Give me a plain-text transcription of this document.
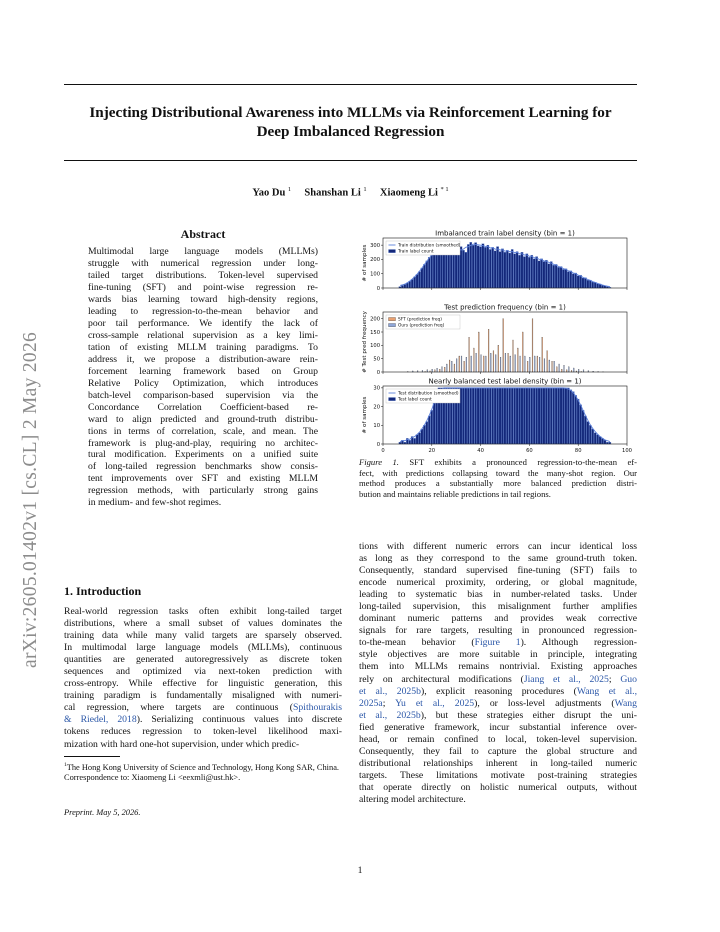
Injecting Distributional Awareness into MLLMs via Reinforcement Learning for
Deep Imbalanced Regression
Yao Du $^1$ Shanshan Li $^1$ Xiaomeng Li $^{* 1}$
arXiv:2605.01402v1 [cs.CL] 2 May 2026
Abstract
Multimodal large language models (MLLMs)
struggle with numerical regression under long-
tailed target distributions. Token-level supervised
fine-tuning (SFT) and point-wise regression re-
wards bias learning toward high-density regions,
leading to regression-to-the-mean behavior and
poor tail performance. We identify the lack of
cross-sample relational supervision as a key limi-
tation of existing MLLM training paradigms. To
address it, we propose a distribution-aware rein-
forcement learning framework based on Group
Relative Policy Optimization, which introduces
batch-level comparison-based supervision via the
Concordance Correlation Coefficient-based re-
ward to align predicted and ground-truth distribu-
tions in terms of correlation, scale, and mean. The
framework is plug-and-play, requiring no architec-
tural modification. Experiments on a unified suite
of long-tailed regression benchmarks show consis-
tent improvements over SFT and existing MLLM
regression methods, with particularly strong gains
in medium- and few-shot regimes.
1. Introduction
Real-world regression tasks often exhibit long-tailed target
distributions, where a small subset of values dominates the
training data while many valid targets are sparsely observed.
In multimodal large language models (MLLMs), continuous
quantities are generated autoregressively as discrete token
sequences and optimized via next-token prediction with
cross-entropy. While effective for linguistic generation, this
training paradigm is fundamentally misaligned with numeri-
cal regression, where targets are continuous (Spithourakis
& Riedel, 2018). Serializing continuous values into discrete
tokens reduces regression to token-level likelihood maxi-
mization with hard one-hot supervision, under which predic-
$^1$The Hong Kong University of Science and Technology, Hong Kong SAR, China. Correspondence to: Xiaomeng Li <eexmli@ust.hk>.
Preprint. May 5, 2026.
tions with different numeric errors can incur identical loss
as long as they correspond to the same ground-truth token.
Consequently, standard supervised fine-tuning (SFT) fails to
encode numerical proximity, ordering, or global magnitude,
leading to systematic bias in number-related tasks. Under
long-tailed supervision, this misalignment further amplifies
dominant numeric patterns and provides weak corrective
signals for rare targets, resulting in pronounced regression-
to-the-mean behavior (Figure 1). Although regression-
style objectives are more suitable in principle, integrating
them into MLLMs remains nontrivial. Existing approaches
rely on architectural modifications (Jiang et al., 2025; Guo
et al., 2025b), explicit reasoning procedures (Wang et al.,
2025a; Yu et al., 2025), or loss-level adjustments (Wang
et al., 2025b), but these strategies either disrupt the uni-
fied generative framework, incur substantial inference over-
head, or remain confined to local, token-level supervision.
Consequently, they fail to capture the global structure and
distributional relationships inherent in long-tailed numeric
targets. These limitations motivate post-training strategies
that operate directly on holistic numerical outputs, without
altering model architecture.
Imbalanced train label density (bin = 1)
# of samples
0
100
200
300	Train distribution (smoothed)
Train label count
Test prediction frequency (bin = 1)
# Test pred frequency 0
50
100
150
200	SFT (prediction freq)
Ours (prediction freq)
Nearly balanced test label density (bin = 1)
# of samples
0
10
20
30
0	20	40	60	80	100
Test distribution (smoothed)
Test label count
Figure 1. SFT exhibits a pronounced regression-to-the-mean ef-
fect, with predictions collapsing toward the many-shot region. Our
method produces a substantially more balanced prediction distri-
bution and maintains reliable predictions in tail regions.
1
